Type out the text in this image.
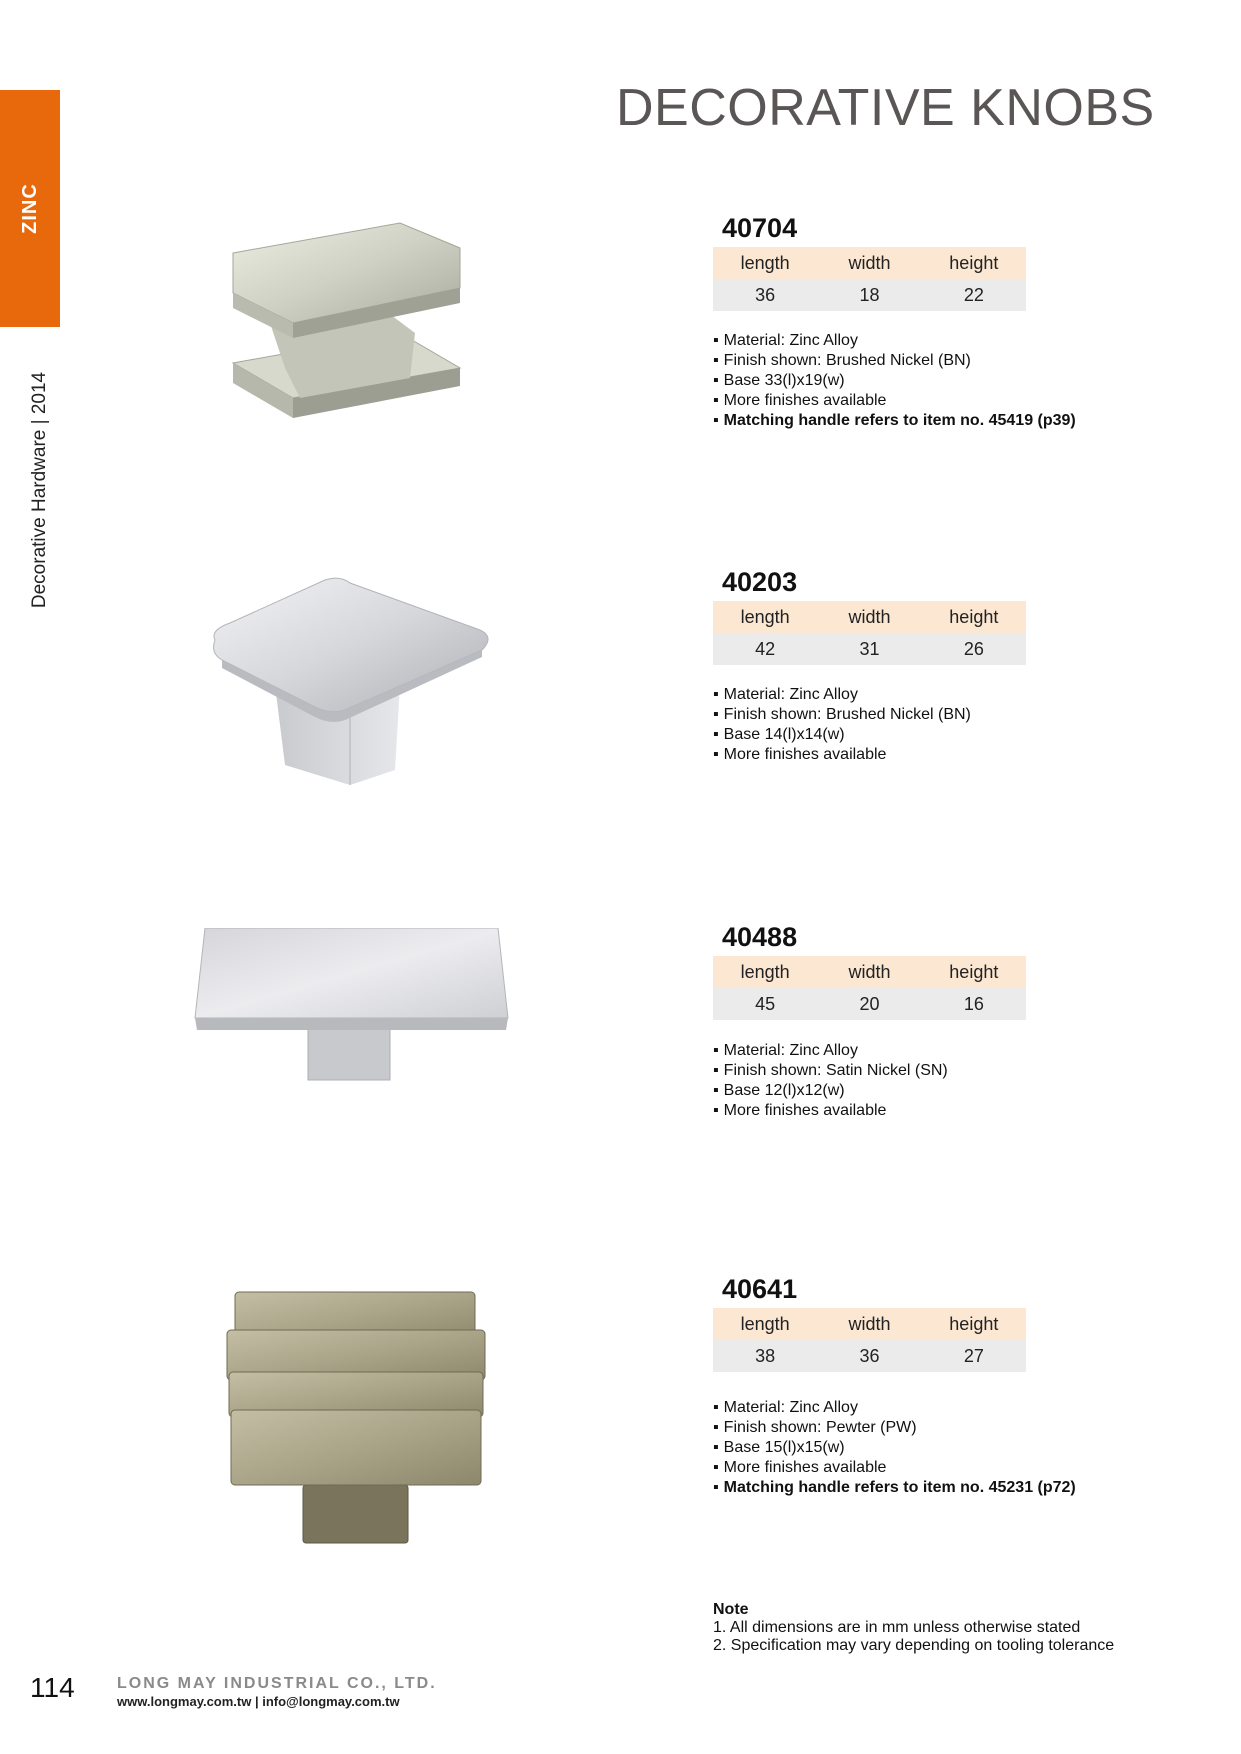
ZINC
Decorative Hardware | 2014
DECORATIVE KNOBS
40704
length	width	height
36	18	22
▪ Material: Zinc Alloy
▪ Finish shown: Brushed Nickel (BN)
▪ Base 33(l)x19(w)
▪ More finishes available
▪ Matching handle refers to item no. 45419 (p39)
40203
length	width	height
42	31	26
▪ Material: Zinc Alloy
▪ Finish shown: Brushed Nickel (BN)
▪ Base 14(l)x14(w)
▪ More finishes available
40488
length	width	height
45	20	16
▪ Material: Zinc Alloy
▪ Finish shown: Satin Nickel (SN)
▪ Base 12(l)x12(w)
▪ More finishes available
40641
length	width	height
38	36	27
▪ Material: Zinc Alloy
▪ Finish shown: Pewter (PW)
▪ Base 15(l)x15(w)
▪ More finishes available
▪ Matching handle refers to item no. 45231 (p72)
Note
1. All dimensions are in mm unless otherwise stated
2. Specification may vary depending on tooling tolerance
114	LONG MAY INDUSTRIAL CO., LTD.
www.longmay.com.tw | info@longmay.com.tw
